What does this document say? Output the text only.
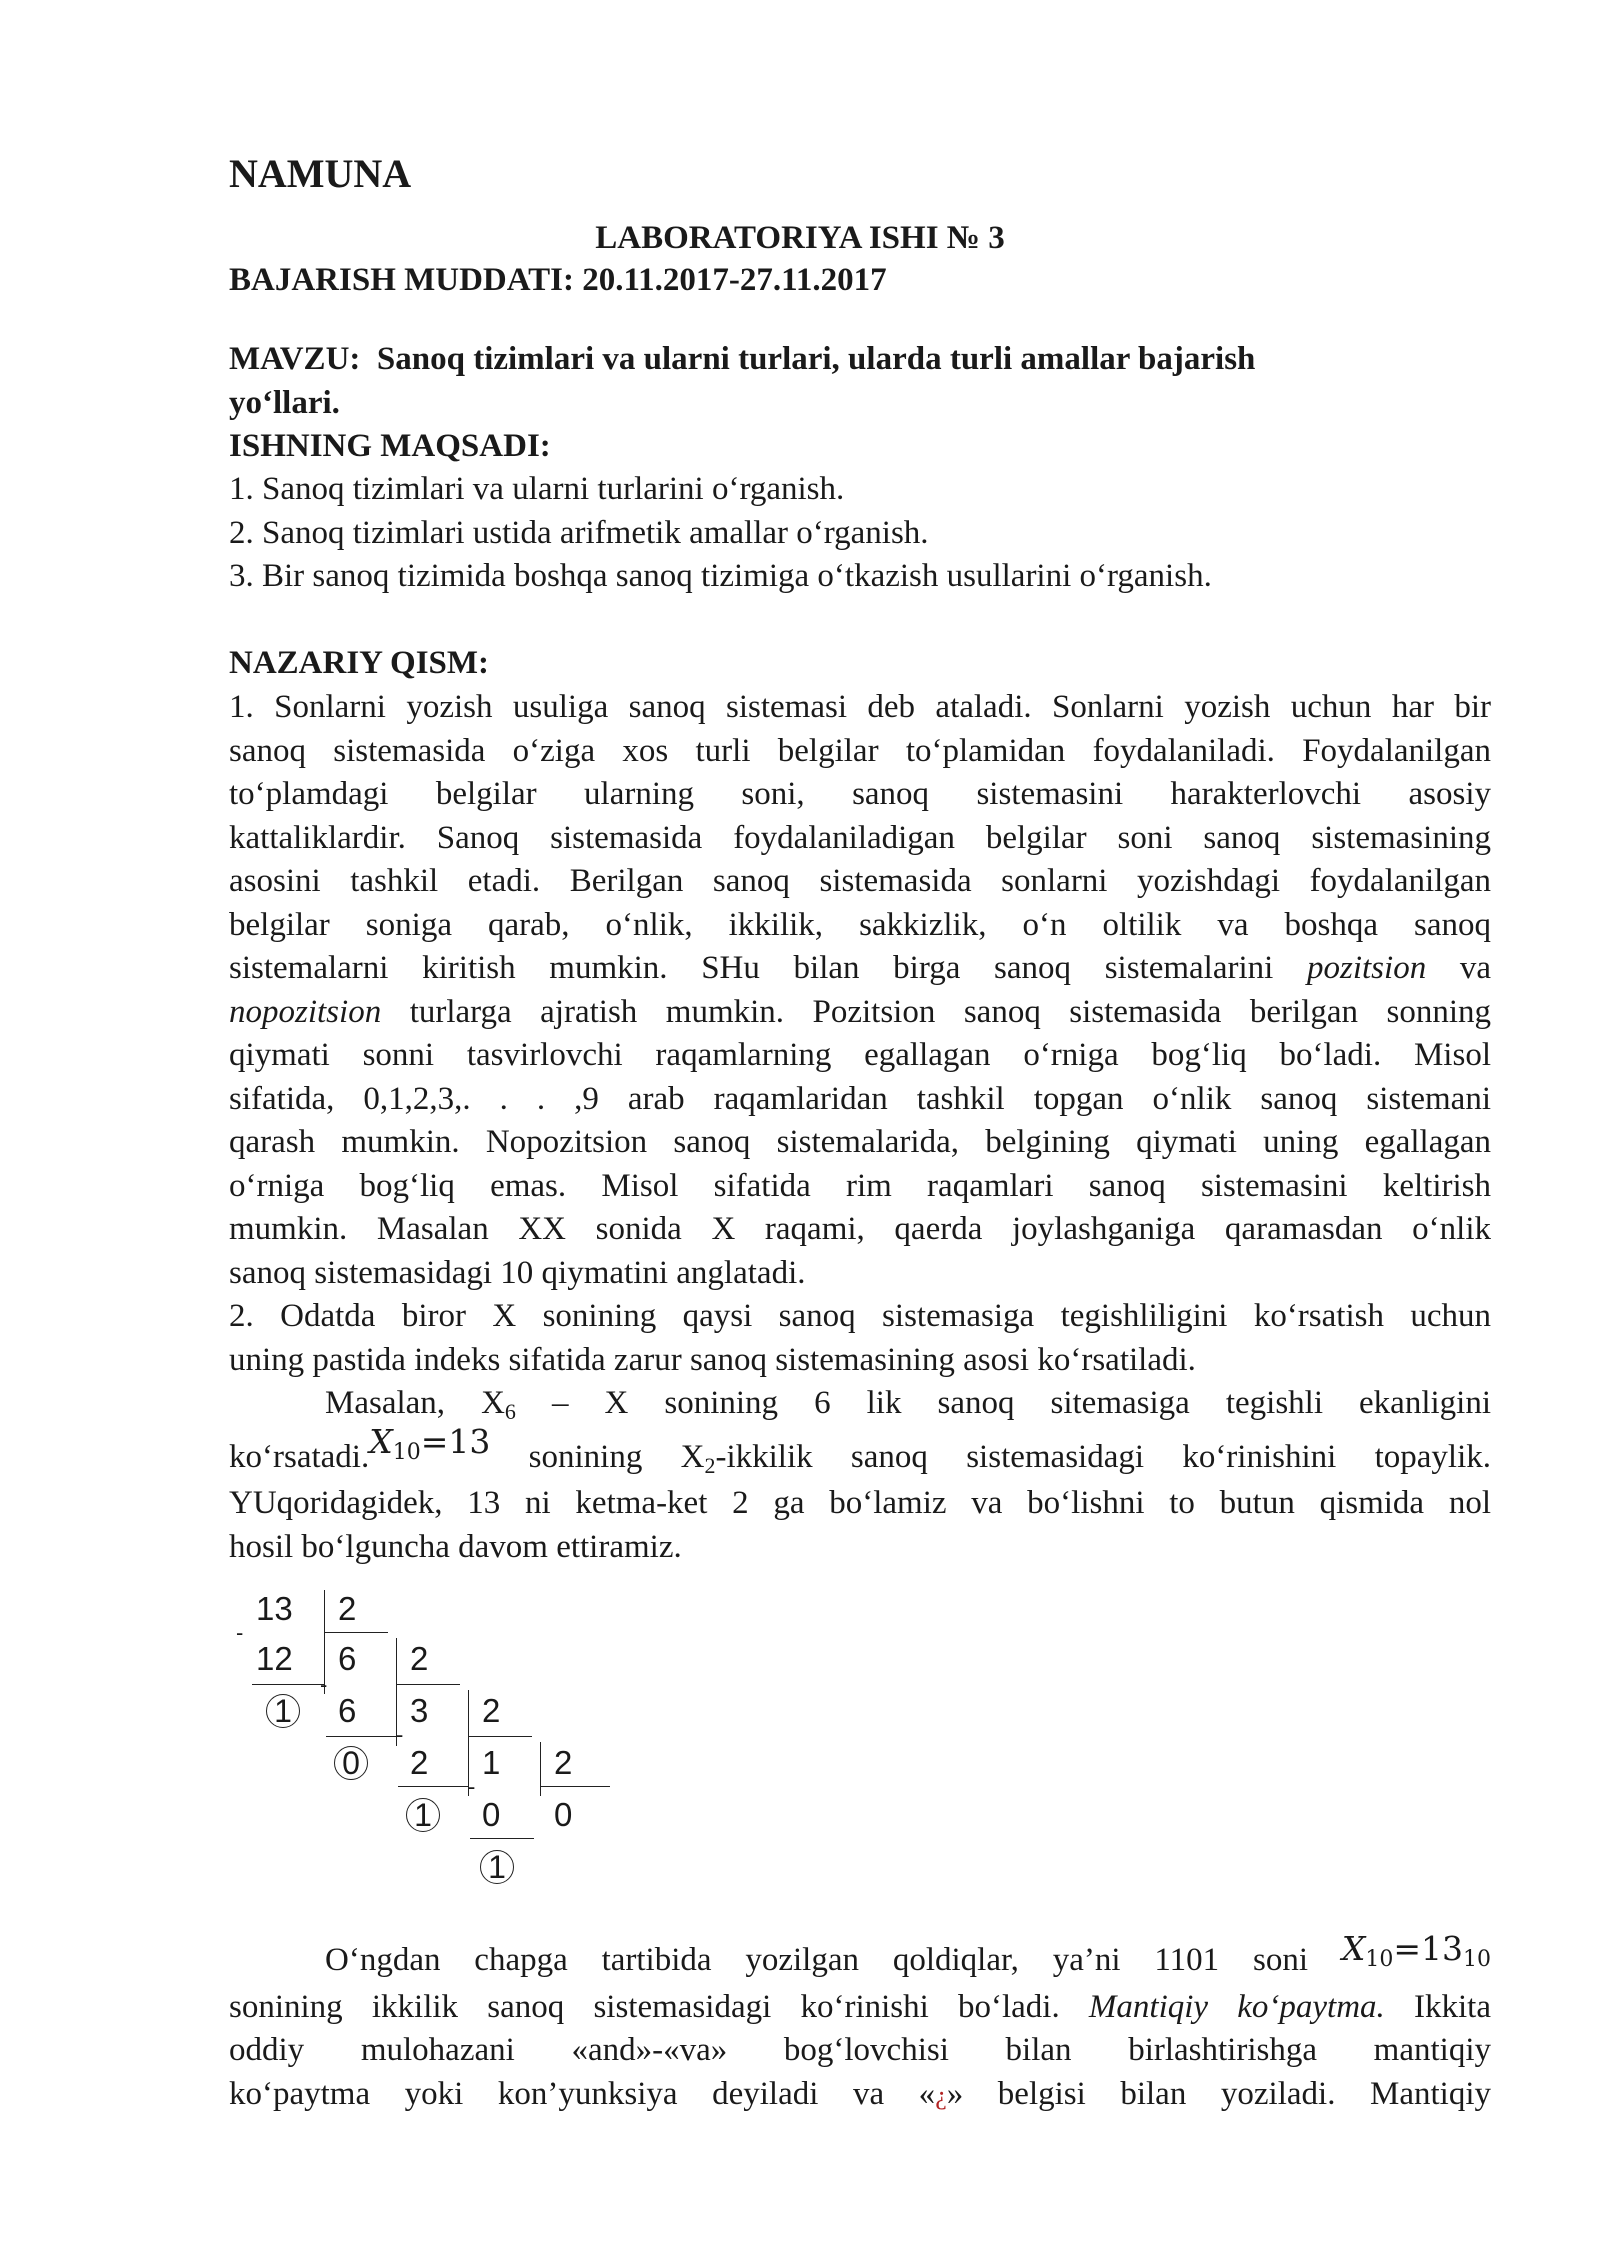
NAMUNA
LABORATORIYA ISHI № 3
BAJARISH MUDDATI: 20.11.2017-27.11.2017
MAVZU: Sanoq tizimlari va ularni turlari, ularda turli amallar bajarish
yo‘llari.
ISHNING MAQSADI:
1. Sanoq tizimlari va ularni turlarini o‘rganish.
2. Sanoq tizimlari ustida arifmetik amallar o‘rganish.
3. Bir sanoq tizimida boshqa sanoq tizimiga o‘tkazish usullarini o‘rganish.
NAZARIY QISM:
1. Sonlarni yozish usuliga sanoq sistemasi deb ataladi. Sonlarni yozish uchun har bir
sanoq sistemasida o‘ziga xos turli belgilar to‘plamidan foydalaniladi. Foydalanilgan
to‘plamdagi belgilar ularning soni, sanoq sistemasini harakterlovchi asosiy
kattaliklardir. Sanoq sistemasida foydalaniladigan belgilar soni sanoq sistemasining
asosini tashkil etadi. Berilgan sanoq sistemasida sonlarni yozishdagi foydalanilgan
belgilar soniga qarab, o‘nlik, ikkilik, sakkizlik, o‘n oltilik va boshqa sanoq
sistemalarni kiritish mumkin. SHu bilan birga sanoq sistemalarini pozitsion va
nopozitsion turlarga ajratish mumkin. Pozitsion sanoq sistemasida berilgan sonning
qiymati sonni tasvirlovchi raqamlarning egallagan o‘rniga bog‘liq bo‘ladi. Misol
sifatida, 0,1,2,3,. . . ,9 arab raqamlaridan tashkil topgan o‘nlik sanoq sistemani
qarash mumkin. Nopozitsion sanoq sistemalarida, belgining qiymati uning egallagan
o‘rniga bog‘liq emas. Misol sifatida rim raqamlari sanoq sistemasini keltirish
mumkin. Masalan XX sonida X raqami, qaerda joylashganiga qaramasdan o‘nlik
sanoq sistemasidagi 10 qiymatini anglatadi.
2. Odatda biror X sonining qaysi sanoq sistemasiga tegishliligini ko‘rsatish uchun
uning pastida indeks sifatida zarur sanoq sistemasining asosi ko‘rsatiladi.
Masalan, $X_6$ – X sonining 6 lik sanoq sitemasiga tegishli ekanligini
$ko‘rsatadi.X_{10}=13$ sonining $X_2$-ikkilik sanoq sistemasidagi ko‘rinishini topaylik.
YUqoridagidek, 13 ni ketma-ket 2 ga bo‘lamiz va bo‘lishni to butun qismida nol
hosil bo‘lguncha davom ettiramiz.
-
13 2
12
1
6
-
2
6
0
3
-
2
2
1
1
-
2
0 0
1
O‘ngdan chapga tartibida yozilgan qoldiqlar, ya’ni 1101 soni $X_{10}=13_{10}$
sonining ikkilik sanoq sistemasidagi ko‘rinishi bo‘ladi. Mantiqiy ko‘paytma. Ikkita
oddiy mulohazani «and»-«va» bog‘lovchisi bilan birlashtirishga mantiqiy
ko‘paytma yoki kon’yunksiya deyiladi va «¿» belgisi bilan yoziladi. Mantiqiy
